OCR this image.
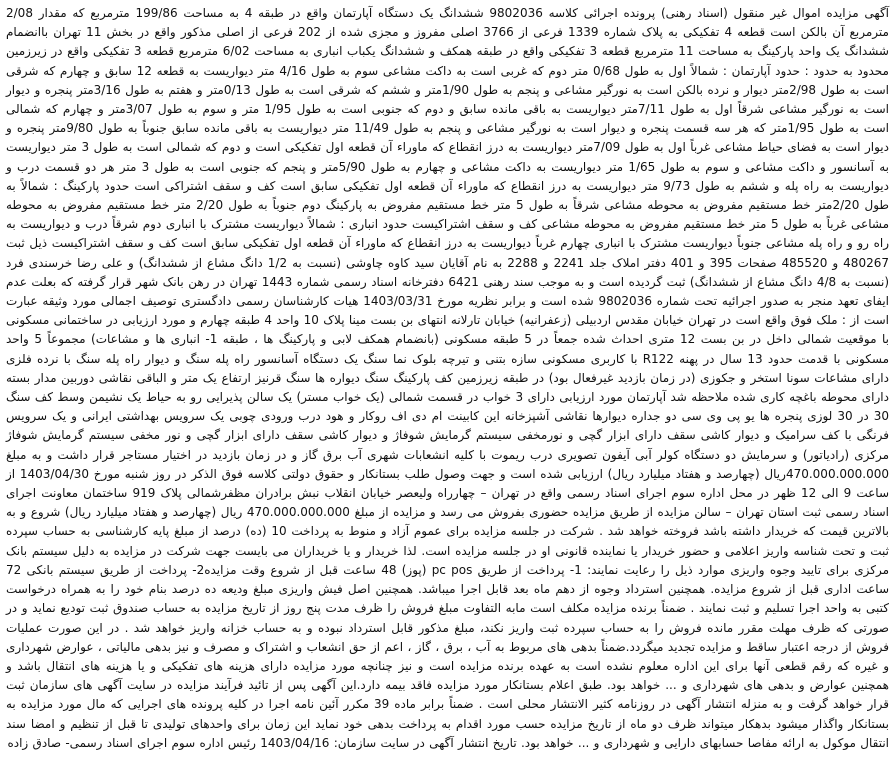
آگهی مزایده اموال غیر منقول (اسناد رهنی) پرونده اجرائی کلاسه 9802036 ششدانگ یک دستگاه آپارتمان واقع در طبقه 4 به مساحت 199/86 مترمربع که مقدار 2/08 مترمربع آن بالکن است قطعه 4 تفکیکی به پلاک شماره 1339 فرعی از 3766 اصلی مفروز و مجزی شده از 202 فرعی از اصلی مذکور واقع در بخش 11 تهران باانضمام ششدانگ یک واحد پارکینگ به مساحت 11 مترمربع قطعه 3 تفکیکی واقع در طبقه همکف و ششدانگ یکباب انباری به مساحت 6/02 مترمربع قطعه 3 تفکیکی واقع در زیرزمین محدود به حدود : حدود آپارتمان : شمالاً اول به طول 0/68 متر دوم که غربی است به داکت مشاعی سوم به طول 4/16 متر دیواریست به قطعه 12 سابق و چهارم که شرقی است به طول 2/98متر دیوار و نرده بالکن است به نورگیر مشاعی و پنجم به طول 1/90متر و ششم که شرقی است به طول 0/13متر و هفتم به طول 3/16متر پنجره و دیوار است به نورگیر مشاعی شرقاً اول به طول 7/11متر دیواریست به باقی مانده سابق و دوم که جنوبی است به طول 1/95 متر و سوم به طول 3/07متر و چهارم که شمالی است به طول 1/95متر که هر سه قسمت پنجره و دیوار است به نورگیر مشاعی و پنجم به طول 11/49 متر دیواریست به باقی مانده سابق جنوباً به طول 9/80متر پنجره و دیوار است به فضای حیاط مشاعی غرباً اول به طول 7/09متر دیواریست به درز انقطاع که ماوراء آن قطعه اول تفکیکی است و دوم که شمالی است به طول 3 متر دیواریست به آسانسور و داکت مشاعی و سوم به طول 1/65 متر دیواریست به داکت مشاعی و چهارم به طول 5/90متر و پنجم که جنوبی است به طول 3 متر هر دو قسمت درب و دیواریست به راه پله و ششم به طول 9/73 متر دیواریست به درز انقطاع که ماوراء آن قطعه اول تفکیکی سابق است کف و سقف اشتراکی است حدود پارکینگ : شمالاً به طول 2/20متر خط مستقیم مفروض به محوطه مشاعی شرقاً به طول 5 متر خط مستقیم مفروض به پارکینگ دوم جنوباً به طول 2/20 متر خط مستقیم مفروض به محوطه مشاعی غرباً به طول 5 متر خط مستقیم مفروض به محوطه مشاعی کف و سقف اشتراکیست حدود انباری : شمالاً دیواریست مشترک با انباری دوم شرقاً درب و دیواریست به راه رو و راه پله مشاعی جنوباً دیواریست مشترک با انباری چهارم غرباً دیواریست به درز انقطاع که ماوراء آن قطعه اول تفکیکی سابق است کف و سقف اشتراکیست ذیل ثبت 480267 و 485520 صفحات 395 و 401 دفتر املاک جلد 2241 و 2288 به نام آقایان سید کاوه چاوشی (نسبت به 1/2 دانگ مشاع از ششدانگ) و علی رضا خرسندی فرد (نسبت به 4/8 دانگ مشاع از ششدانگ) ثبت گردیده است و به موجب سند رهنی 6421 دفترخانه اسناد رسمی شماره 1443 تهران در رهن بانک شهر قرار گرفته که بعلت عدم ایفای تعهد منجر به صدور اجرائیه تحت شماره 9802036 شده است و برابر نظریه مورخ 1403/03/31 هیات کارشناسان رسمی دادگستری توصیف اجمالی مورد وثیقه عبارت است از : ملک فوق واقع است در تهران خیابان مقدس اردبیلی (زعفرانیه) خیابان تارلانه انتهای بن بست مینا پلاک 10 واحد 4 طبقه چهارم و مورد ارزیابی در ساختمانی مسکونی با موقعیت شمالی داخل در بن بست 12 متری احداث شده جمعاً در 5 طبقه مسکونی (بانضمام همکف لابی و پارکینگ ها ، طبقه 1- انباری ها و مشاعات) مجموعاً 5 واحد مسکونی با قدمت حدود 13 سال در پهنه R122 با کاربری مسکونی سازه بتنی و تیرچه بلوک نما سنگ یک دستگاه آسانسور راه پله سنگ و دیوار راه پله سنگ با نرده فلزی دارای مشاعات سونا استخر و جکوزی (در زمان بازدید غیرفعال بود) در طبقه زیرزمین کف پارکینگ سنگ دیواره ها سنگ قرنیز ارتفاع یک متر و الباقی نقاشی دوربین مدار بسته دارای محوطه باغچه کاری شده ملاحظه شد آپارتمان مورد ارزیابی دارای 3 خواب در قسمت شمالی (یک خواب مستر) یک سالن پذیرایی رو به حیاط یک نشیمن وسط کف سنگ 30 در 30 لوزی پنجره ها یو پی وی سی دو جداره دیوارها نقاشی آشپزخانه این کابینت ام دی اف روکار و هود درب ورودی چوبی یک سرویس بهداشتی ایرانی و یک سرویس فرنگی با کف سرامیک و دیوار کاشی سقف دارای ابزار گچی و نورمخفی سیستم گرمایش شوفاژ و دیوار کاشی سقف دارای ابزار گچی و نور مخفی سیستم گرمایش شوفاژ مرکزی (رادیاتور) و سرمایش دو دستگاه کولر آبی آیفون تصویری درب ریموت با کلیه انشعابات شهری آب برق گاز و در زمان بازدید در اختیار مستاجر قرار داشت و به مبلغ 470.000.000.000ریال (چهارصد و هفتاد میلیارد ریال) ارزیابی شده است و جهت وصول طلب بستانکار و حقوق دولتی کلاسه فوق الذکر در روز شنبه مورخ 1403/04/30 از ساعت 9 الی 12 ظهر در محل اداره سوم اجرای اسناد رسمی واقع در تهران – چهارراه ولیعصر خیابان انقلاب نبش برادران مظفرشمالی پلاک 919 ساختمان معاونت اجرای اسناد رسمی ثبت استان تهران – سالن مزایده از طریق مزایده حضوری بفروش می رسد و مزایده از مبلغ 470.000.000.000 ریال (چهارصد و هفتاد میلیارد ریال) شروع و به بالاترین قیمت که خریدار داشته باشد فروخته خواهد شد . شرکت در جلسه مزایده برای عموم آزاد و منوط به پرداخت 10 (ده) درصد از مبلغ پایه کارشناسی به حساب سپرده ثبت و تحت شناسه واریز اعلامی و حضور خریدار یا نماینده قانونی او در جلسه مزایده است. لذا خریدار و یا خریداران می بایست جهت شرکت در مزایده به دلیل سیستم بانک مرکزی برای تایید وجوه واریزی موارد ذیل را رعایت نمایند: 1- پرداخت از طریق pc pos (پوز) 48 ساعت قبل از شروع وقت مزایده2- پرداخت از طریق سیستم بانکی 72 ساعت اداری قبل از شروع مزایده. همچنین استرداد وجوه از دهم ماه بعد قابل اجرا میباشد. همچنین اصل فیش واریزی مبلغ ودیعه ده درصد بنام خود را به همراه درخواست کتبی به واحد اجرا تسلیم و ثبت نمایند . ضمناً برنده مزایده مکلف است مابه التفاوت مبلغ فروش را ظرف مدت پنج روز از تاریخ مزایده به حساب صندوق ثبت تودیع نماید و در صورتی که ظرف مهلت مقرر مانده فروش را به حساب سپرده ثبت واریز نکند، مبلغ مذکور قابل استرداد نبوده و به حساب خزانه واریز خواهد شد . در این صورت عملیات فروش از درجه اعتبار ساقط و مزایده تجدید میگردد.ضمناً بدهی های مربوط به آب ، برق ، گاز ، اعم از حق انشعاب و اشتراک و مصرف و نیز بدهی مالیاتی ، عوارض شهرداری و غیره که رقم قطعی آنها برای این اداره معلوم نشده است به عهده برنده مزایده است و نیز چنانچه مورد مزایده دارای هزینه های تفکیکی و یا هزینه های انتقال باشد و همچنین عوارض و بدهی های شهرداری و ... خواهد بود. طبق اعلام بستانکار مورد مزایده فاقد بیمه دارد.این آگهی پس از تائید فرآیند مزایده در سایت آگهی های سازمان ثبت قرار خواهد گرفت و به منزله انتشار آگهی در روزنامه کثیر الانتشار محلی است . ضمناً برابر ماده 39 مکرر آئین نامه اجرا در کلیه پرونده های اجرایی که مال مورد مزایده به بستانکار واگذار میشود بدهکار میتواند ظرف دو ماه از تاریخ مزایده حسب مورد اقدام به پرداخت بدهی خود نماید این زمان برای واحدهای تولیدی تا قبل از تنظیم و امضا سند انتقال موکول به ارائه مفاصا حسابهای دارایی و شهرداری و ... خواهد بود. تاریخ انتشار آگهی در سایت سازمان: 1403/04/16 رئیس اداره سوم اجرای اسناد رسمی- صادق زاده
